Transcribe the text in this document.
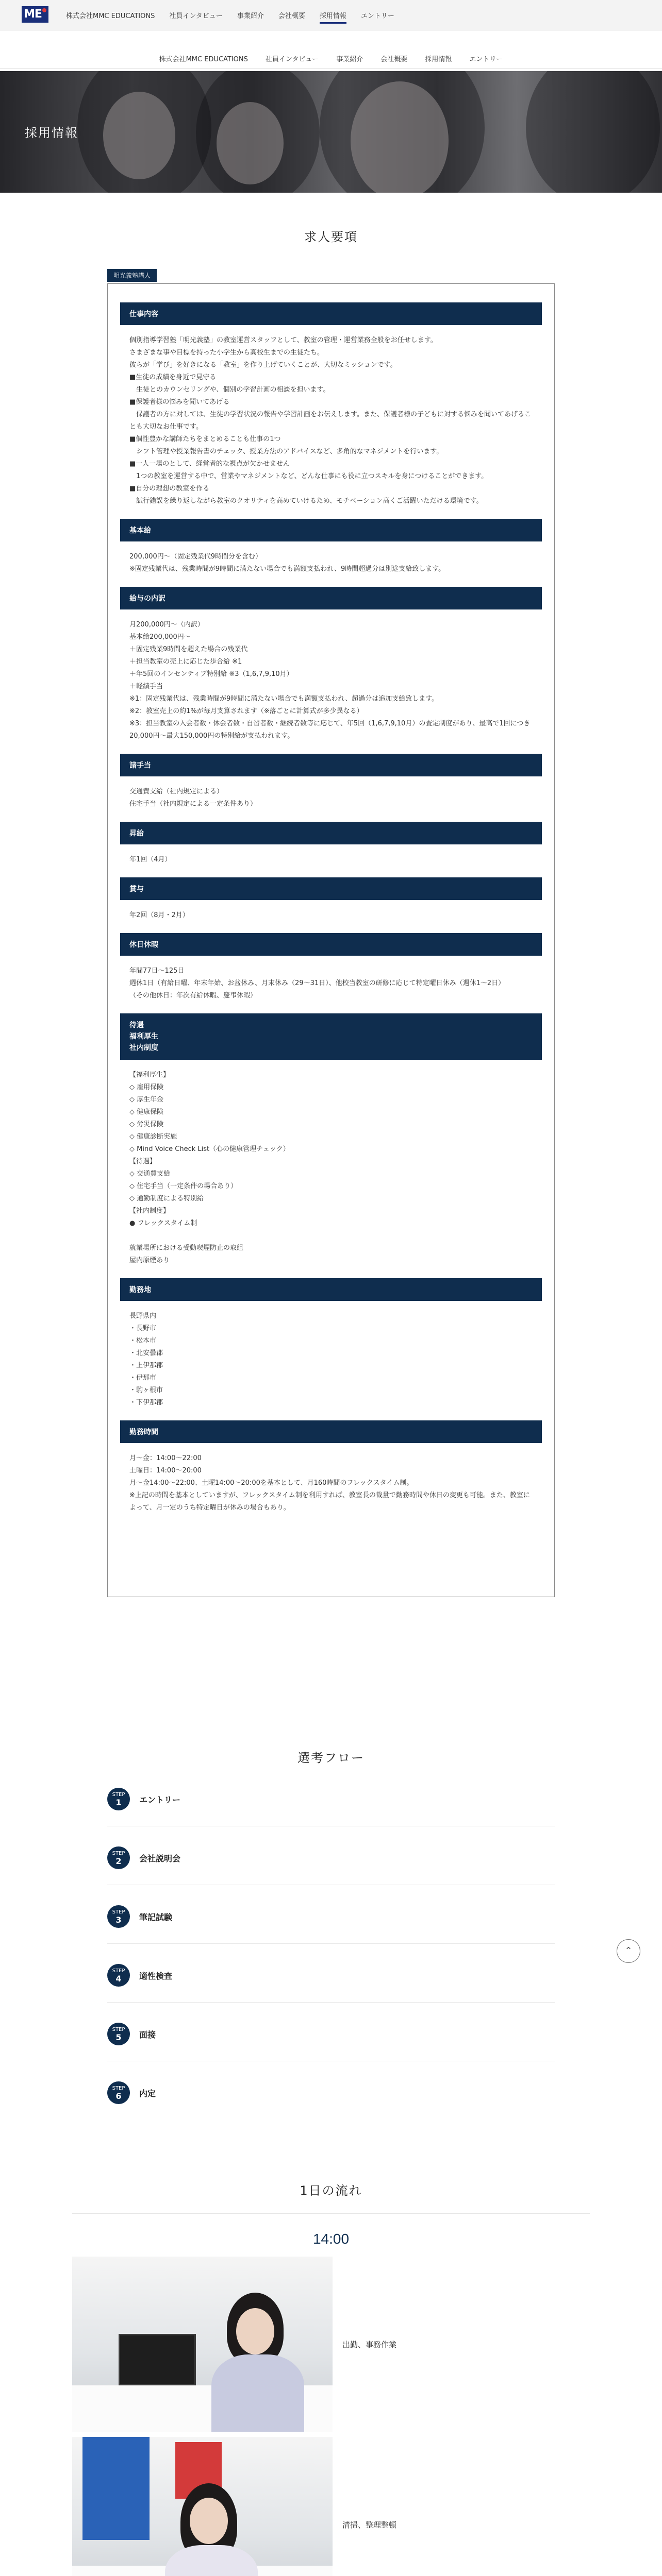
ME	株式会社MMC EDUCATIONS 社員インタビュー 事業紹介 会社概要 採用情報 エントリー
株式会社MMC EDUCATIONS	社員インタビュー	事業紹介	会社概要	採用情報	エントリー
採用情報
求人要項
明光義塾講人
仕事内容
個別指導学習塾「明光義塾」の教室運営スタッフとして、教室の管理・運営業務全般をお任せします。
さまざまな事や目標を持った小学生から高校生までの生徒たち。
彼らが「学び」を好きになる「教室」を作り上げていくことが、大切なミッションです。
■生徒の成績を身近で見守る
　生徒とのカウンセリングや、個別の学習計画の相談を担います。
■保護者様の悩みを聞いてあげる
　保護者の方に対しては、生徒の学習状況の報告や学習計画をお伝えします。また、保護者様の子どもに対する悩みを聞いてあげることも大切なお仕事です。
■個性豊かな講師たちをまとめることも仕事の1つ
　シフト管理や授業報告書のチェック、授業方法のアドバイスなど、多角的なマネジメントを行います。
■一人一場のとして、経営者的な視点が欠かせません
　1つの教室を運営する中で、営業やマネジメントなど、どんな仕事にも役に立つスキルを身につけることができます。
■自分の理想の教室を作る
　試行錯誤を繰り返しながら教室のクオリティを高めていけるため、モチベーション高くご活躍いただける環境です。
基本給
200,000円〜（固定残業代9時間分を含む）
※固定残業代は、残業時間が9時間に満たない場合でも満額支払われ、9時間超過分は別途支給致します。
給与の内訳
月200,000円〜（内訳）
基本給200,000円〜
＋固定残業9時間を超えた場合の残業代
＋担当教室の売上に応じた歩合給 ※1
＋年5回のインセンティブ特別給 ※3（1,6,7,9,10月）
＋軽績手当
※1：固定残業代は、残業時間が9時間に満たない場合でも満額支払われ、超過分は追加支給致します。
※2：教室売上の約1%が毎月支算されます（※落ごとに計算式が多少異なる）
※3：担当教室の入会者数・休会者数・自習者数・継続者数等に応じて、年5回（1,6,7,9,10月）の査定制度があり、最高で1回につき20,000円〜最大150,000円の特別給が支払われます。
諸手当
交通費支給（社内規定による）
住宅手当（社内規定による一定条件あり）
昇給
年1回（4月）
賞与
年2回（8月・2月）
休日休暇
年間77日〜125日
週休1日（有給日曜、年末年始、お盆休み、月末休み（29〜31日）、他校当教室の研修に応じて特定曜日休み（週休1〜2日）
（その他休日：年次有給休暇、慶弔休暇）
待遇
福利厚生
社内制度
【福利厚生】
◇ 雇用保険
◇ 厚生年金
◇ 健康保険
◇ 労災保険
◇ 健康診断実施
◇ Mind Voice Check List（心の健康管理チェック）
【待遇】
◇ 交通費支給
◇ 住宅手当（一定条件の場合あり）
◇ 通勤制度による特別給
【社内制度】
● フレックスタイム制

就業場所における受動喫煙防止の取組
屋内原煙あり
勤務地
長野県内
・長野市
・松本市
・北安曇郡
・上伊那郡
・伊那市
・駒ヶ根市
・下伊那郡
勤務時間
月〜金：14:00〜22:00
土曜日：14:00〜20:00
月〜金14:00〜22:00、土曜14:00〜20:00を基本として、月160時間のフレックスタイム制。
※上記の時間を基本としていますが、フレックスタイム制を利用すれば、教室長の裁量で勤務時間や休日の変更も可能。また、教室によって、月一定のうち特定曜日が休みの場合もあり。
選考フロー
STEP
1	エントリー
STEP
2	会社説明会
STEP
3	筆記試験
STEP
4	適性検査
STEP
5	面接
STEP
6	内定
⌃
1日の流れ
14:00
出勤、事務作業
清掃、整理整頓
